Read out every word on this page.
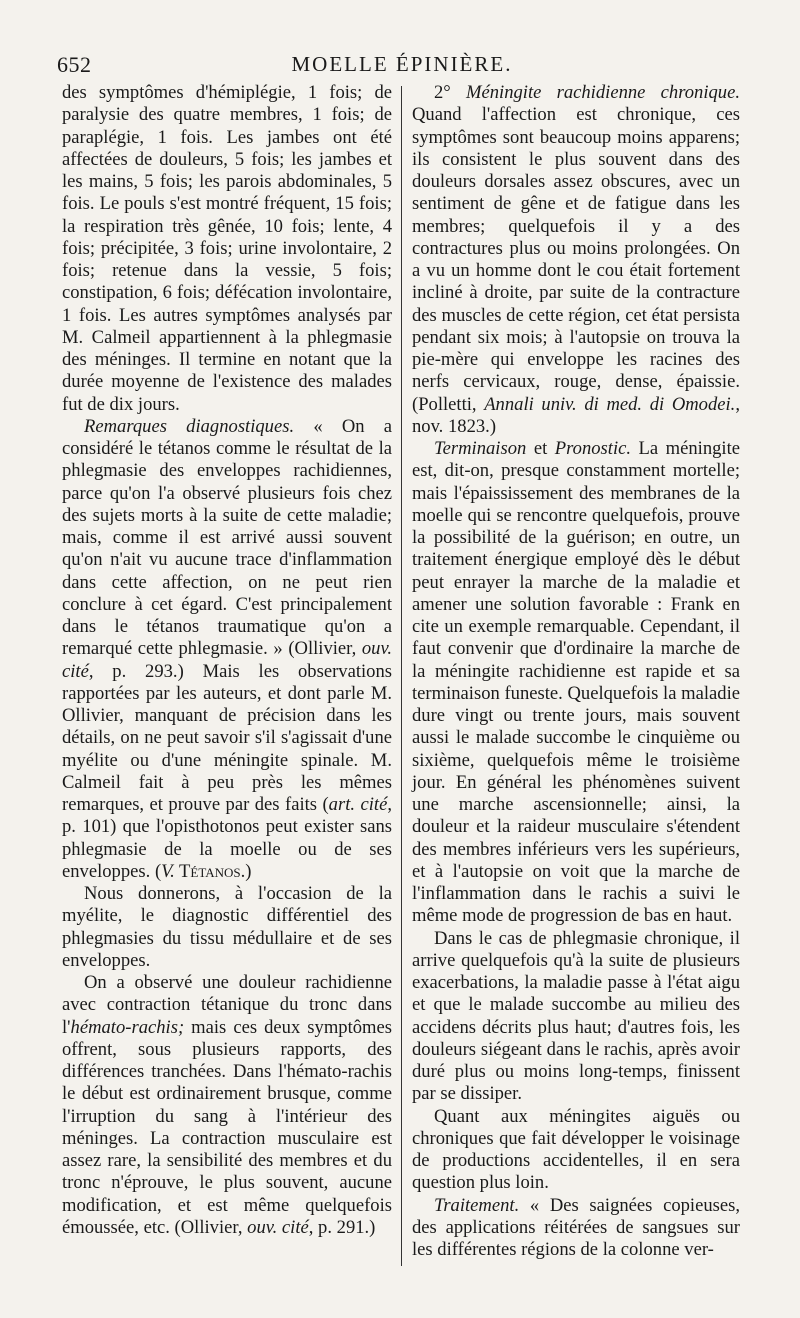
652	MOELLE ÉPINIÈRE.

des symptômes d'hémiplégie, 1 fois; de paralysie des quatre membres, 1 fois; de paraplégie, 1 fois. Les jambes ont été affectées de douleurs, 5 fois; les jambes et les mains, 5 fois; les parois abdominales, 5 fois. Le pouls s'est montré fréquent, 15 fois; la respiration très gênée, 10 fois; lente, 4 fois; précipitée, 3 fois; urine involontaire, 2 fois; retenue dans la vessie, 5 fois; constipation, 6 fois; défécation involontaire, 1 fois. Les autres symptômes analysés par M. Calmeil appartiennent à la phlegmasie des méninges. Il termine en notant que la durée moyenne de l'existence des malades fut de dix jours.

Remarques diagnostiques. « On a considéré le tétanos comme le résultat de la phlegmasie des enveloppes rachidiennes, parce qu'on l'a observé plusieurs fois chez des sujets morts à la suite de cette maladie; mais, comme il est arrivé aussi souvent qu'on n'ait vu aucune trace d'inflammation dans cette affection, on ne peut rien conclure à cet égard. C'est principalement dans le tétanos traumatique qu'on a remarqué cette phlegmasie. » (Ollivier, ouv. cité, p. 293.) Mais les observations rapportées par les auteurs, et dont parle M. Ollivier, manquant de précision dans les détails, on ne peut savoir s'il s'agissait d'une myélite ou d'une méningite spinale. M. Calmeil fait à peu près les mêmes remarques, et prouve par des faits (art. cité, p. 101) que l'opisthotonos peut exister sans phlegmasie de la moelle ou de ses enveloppes. (V. Tétanos.)

Nous donnerons, à l'occasion de la myélite, le diagnostic différentiel des phlegmasies du tissu médullaire et de ses enveloppes.

On a observé une douleur rachidienne avec contraction tétanique du tronc dans l'hémato-rachis; mais ces deux symptômes offrent, sous plusieurs rapports, des différences tranchées. Dans l'hémato-rachis le début est ordinairement brusque, comme l'irruption du sang à l'intérieur des méninges. La contraction musculaire est assez rare, la sensibilité des membres et du tronc n'éprouve, le plus souvent, aucune modification, et est même quelquefois émoussée, etc. (Ollivier, ouv. cité, p. 291.)

2° Méningite rachidienne chronique. Quand l'affection est chronique, ces symptômes sont beaucoup moins apparens; ils consistent le plus souvent dans des douleurs dorsales assez obscures, avec un sentiment de gêne et de fatigue dans les membres; quelquefois il y a des contractures plus ou moins prolongées. On a vu un homme dont le cou était fortement incliné à droite, par suite de la contracture des muscles de cette région, cet état persista pendant six mois; à l'autopsie on trouva la pie-mère qui enveloppe les racines des nerfs cervicaux, rouge, dense, épaissie. (Polletti, Annali univ. di med. di Omodei., nov. 1823.)

Terminaison et Pronostic. La méningite est, dit-on, presque constamment mortelle; mais l'épaississement des membranes de la moelle qui se rencontre quelquefois, prouve la possibilité de la guérison; en outre, un traitement énergique employé dès le début peut enrayer la marche de la maladie et amener une solution favorable : Frank en cite un exemple remarquable. Cependant, il faut convenir que d'ordinaire la marche de la méningite rachidienne est rapide et sa terminaison funeste. Quelquefois la maladie dure vingt ou trente jours, mais souvent aussi le malade succombe le cinquième ou sixième, quelquefois même le troisième jour. En général les phénomènes suivent une marche ascensionnelle; ainsi, la douleur et la raideur musculaire s'étendent des membres inférieurs vers les supérieurs, et à l'autopsie on voit que la marche de l'inflammation dans le rachis a suivi le même mode de progression de bas en haut.

Dans le cas de phlegmasie chronique, il arrive quelquefois qu'à la suite de plusieurs exacerbations, la maladie passe à l'état aigu et que le malade succombe au milieu des accidens décrits plus haut; d'autres fois, les douleurs siégeant dans le rachis, après avoir duré plus ou moins long-temps, finissent par se dissiper.

Quant aux méningites aiguës ou chroniques que fait développer le voisinage de productions accidentelles, il en sera question plus loin.

Traitement. « Des saignées copieuses, des applications réitérées de sangsues sur les différentes régions de la colonne ver-
